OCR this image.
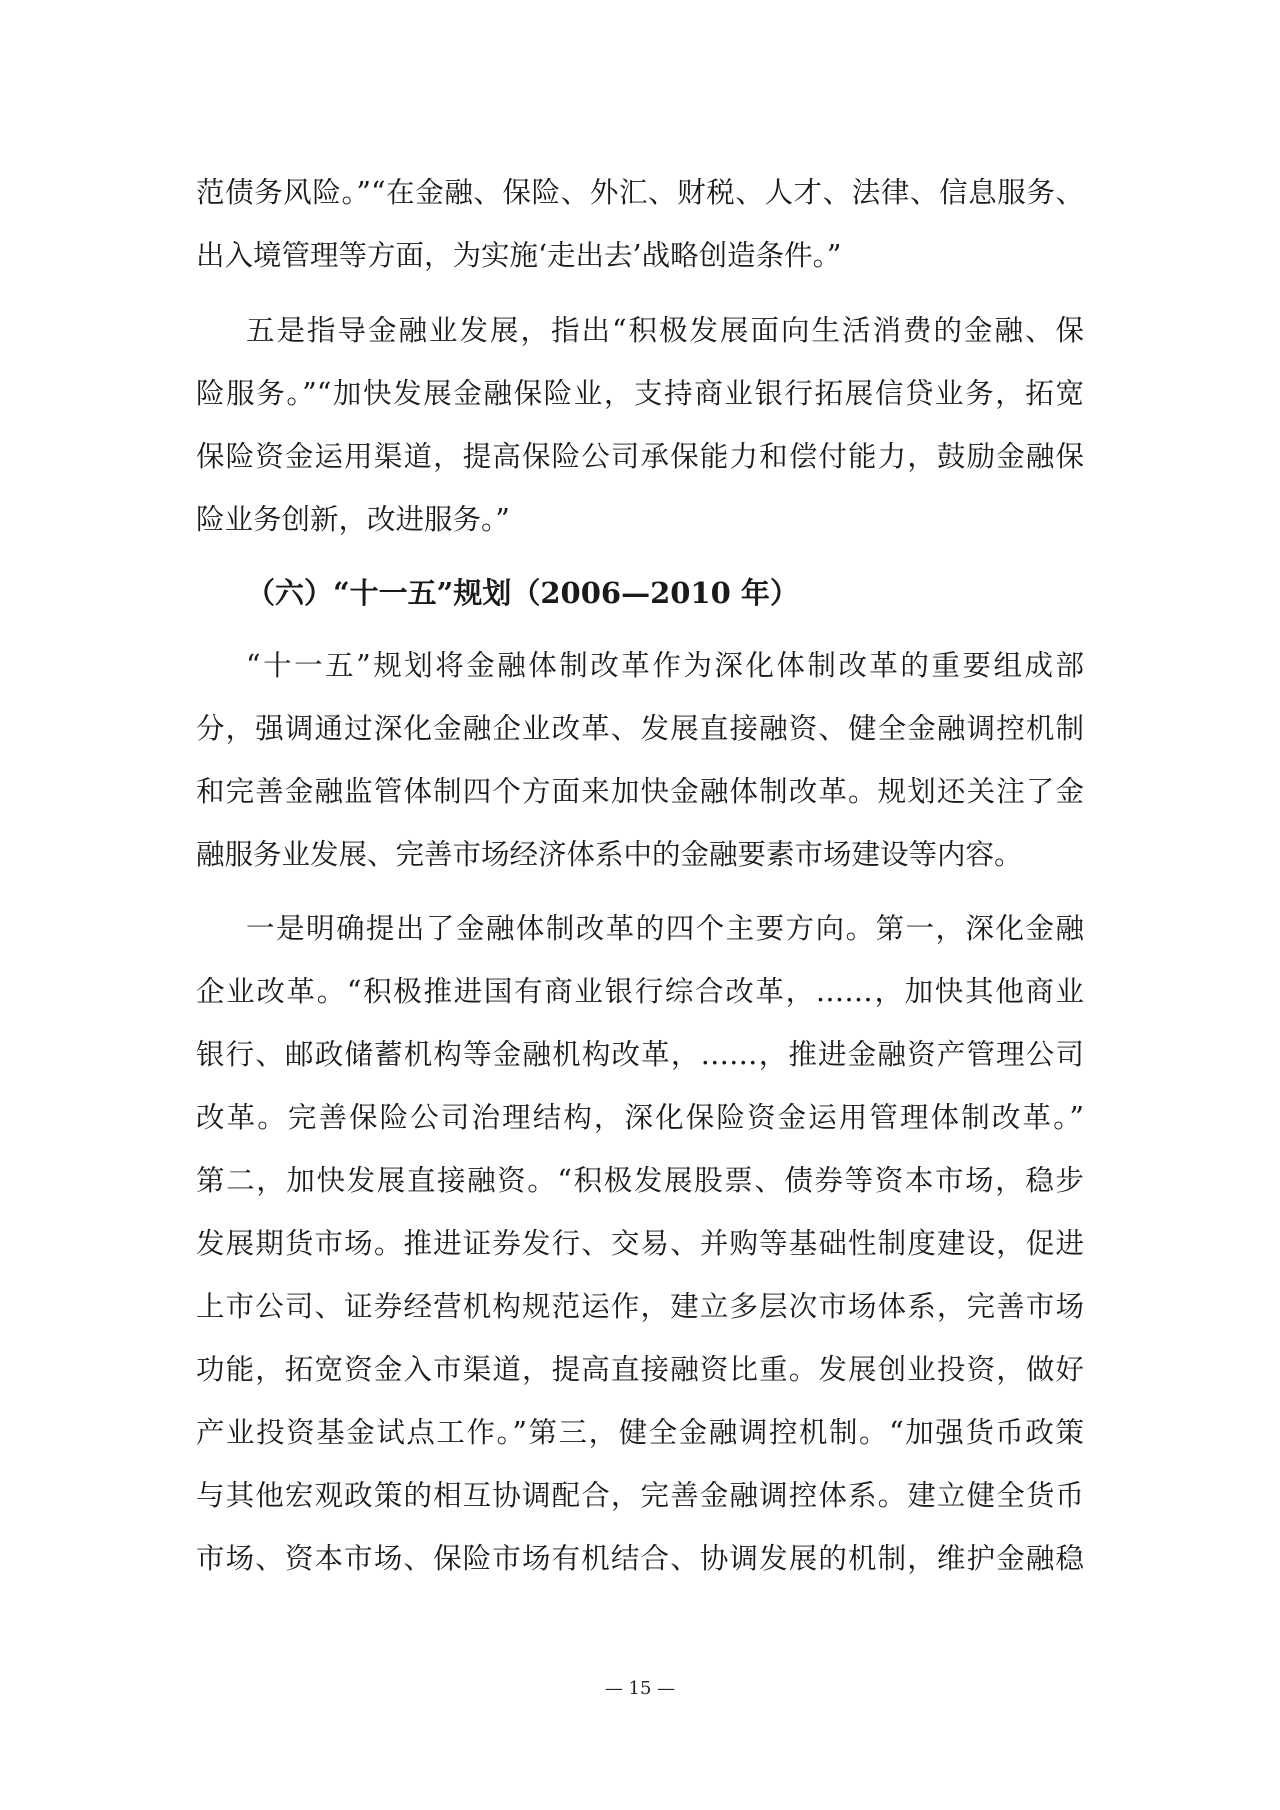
范债务风险。”“在金融、保险、外汇、财税、人才、法律、信息服务、
出入境管理等方面，为实施‘走出去’战略创造条件。”
五是指导金融业发展，指出“积极发展面向生活消费的金融、保
险服务。”“加快发展金融保险业，支持商业银行拓展信贷业务，拓宽
保险资金运用渠道，提高保险公司承保能力和偿付能力，鼓励金融保
险业务创新，改进服务。”
（六）“十一五”规划（2006—2010 年）
“十一五”规划将金融体制改革作为深化体制改革的重要组成部
分，强调通过深化金融企业改革、发展直接融资、健全金融调控机制
和完善金融监管体制四个方面来加快金融体制改革。规划还关注了金
融服务业发展、完善市场经济体系中的金融要素市场建设等内容。
一是明确提出了金融体制改革的四个主要方向。第一，深化金融
企业改革。“积极推进国有商业银行综合改革，……，加快其他商业
银行、邮政储蓄机构等金融机构改革，……，推进金融资产管理公司
改革。完善保险公司治理结构，深化保险资金运用管理体制改革。”
第二，加快发展直接融资。“积极发展股票、债券等资本市场，稳步
发展期货市场。推进证券发行、交易、并购等基础性制度建设，促进
上市公司、证券经营机构规范运作，建立多层次市场体系，完善市场
功能，拓宽资金入市渠道，提高直接融资比重。发展创业投资，做好
产业投资基金试点工作。”第三，健全金融调控机制。“加强货币政策
与其他宏观政策的相互协调配合，完善金融调控体系。建立健全货币
市场、资本市场、保险市场有机结合、协调发展的机制，维护金融稳
— 15 —
